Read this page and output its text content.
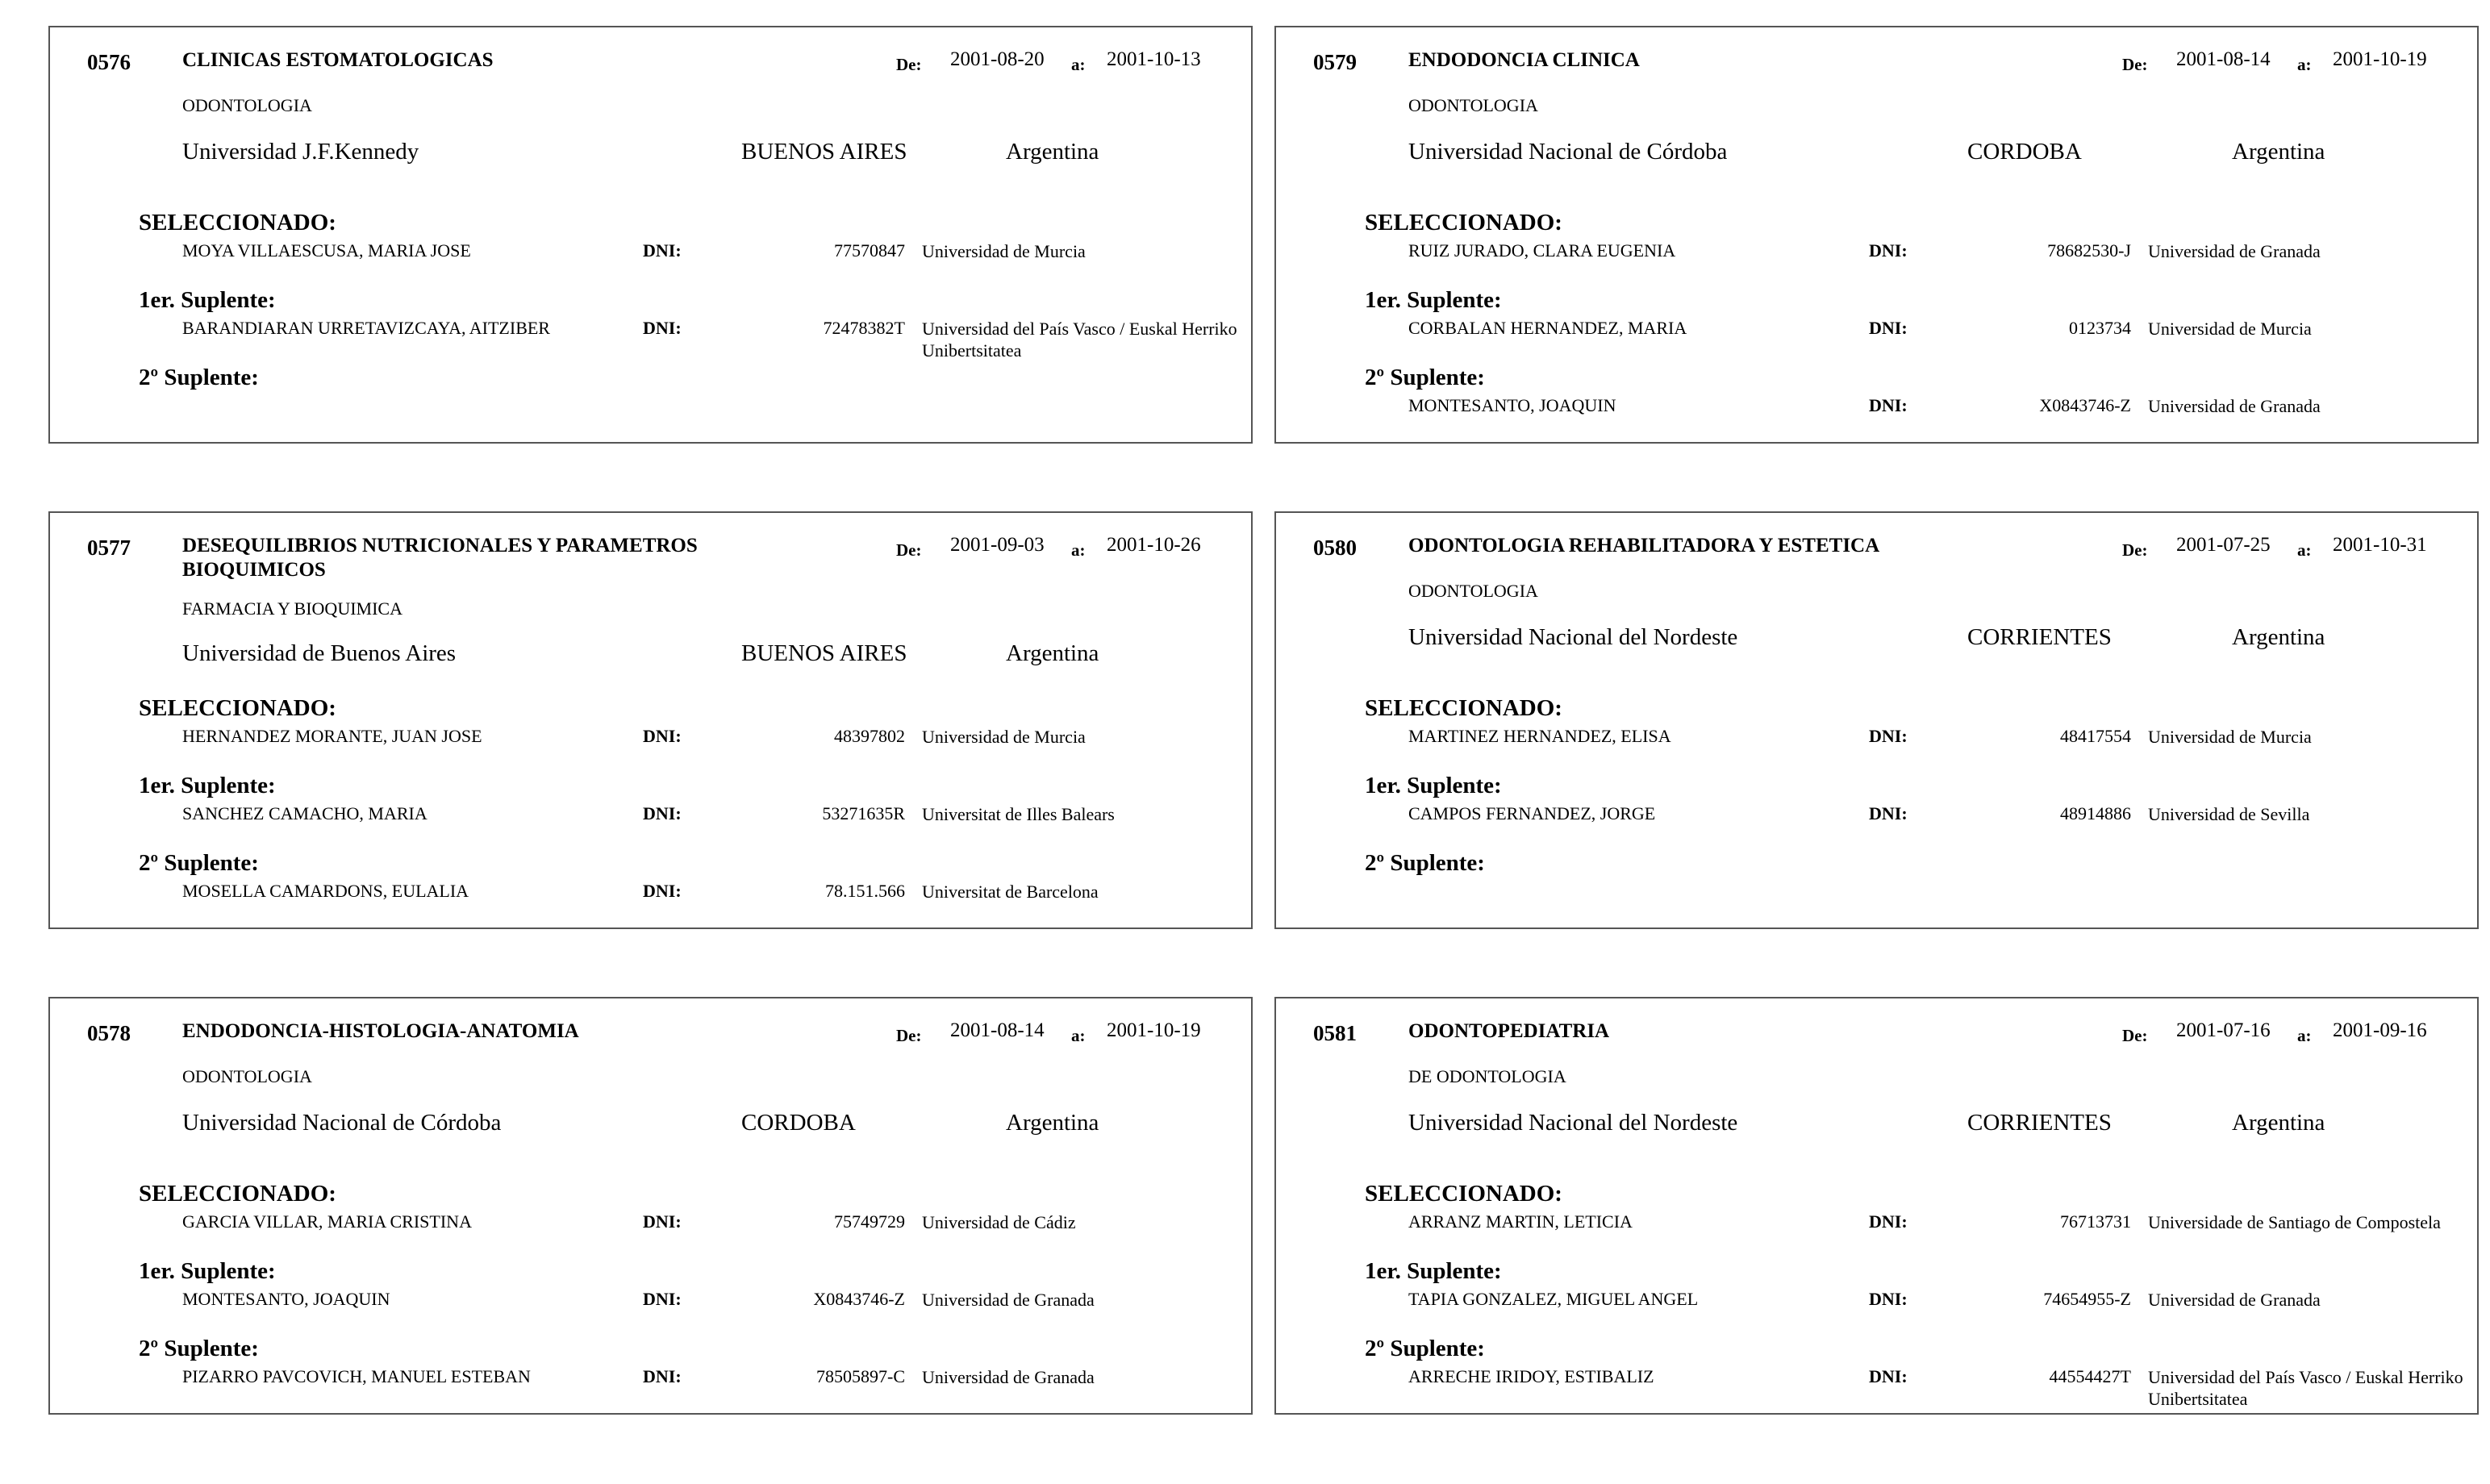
0576	CLINICAS ESTOMATOLOGICAS	De: 2001-08-20 a: 2001-10-13
ODONTOLOGIA
Universidad J.F.Kennedy	BUENOS AIRES	Argentina
SELECCIONADO:
MOYA VILLAESCUSA, MARIA JOSE	DNI:	77570847 Universidad de Murcia
1er. Suplente:
BARANDIARAN URRETAVIZCAYA, AITZIBER	DNI:	72478382T Universidad del País Vasco / Euskal Herriko Unibertsitatea
2º Suplente:
0577	DESEQUILIBRIOS NUTRICIONALES Y PARAMETROS BIOQUIMICOS
De: 2001-09-03 a: 2001-10-26
FARMACIA Y BIOQUIMICA
Universidad de Buenos Aires	BUENOS AIRES	Argentina
SELECCIONADO:
HERNANDEZ MORANTE, JUAN JOSE	DNI:	48397802 Universidad de Murcia
1er. Suplente:
SANCHEZ CAMACHO, MARIA	DNI:	53271635R Universitat de Illes Balears
2º Suplente:
MOSELLA CAMARDONS, EULALIA	DNI:	78.151.566 Universitat de Barcelona
0578	ENDODONCIA-HISTOLOGIA-ANATOMIA	De: 2001-08-14 a: 2001-10-19
ODONTOLOGIA
Universidad Nacional de Córdoba	CORDOBA	Argentina
SELECCIONADO:
GARCIA VILLAR, MARIA CRISTINA	DNI:	75749729 Universidad de Cádiz
1er. Suplente:
MONTESANTO, JOAQUIN	DNI:	X0843746-Z Universidad de Granada
2º Suplente:
PIZARRO PAVCOVICH, MANUEL ESTEBAN	DNI:	78505897-C Universidad de Granada
0579	ENDODONCIA CLINICA	De: 2001-08-14 a: 2001-10-19
ODONTOLOGIA
Universidad Nacional de Córdoba	CORDOBA	Argentina
SELECCIONADO:
RUIZ JURADO, CLARA EUGENIA	DNI:	78682530-J Universidad de Granada
1er. Suplente:
CORBALAN HERNANDEZ, MARIA	DNI:	0123734 Universidad de Murcia
2º Suplente:
MONTESANTO, JOAQUIN	DNI:	X0843746-Z Universidad de Granada
0580	ODONTOLOGIA REHABILITADORA Y ESTETICA	De: 2001-07-25 a: 2001-10-31
ODONTOLOGIA
Universidad Nacional del Nordeste	CORRIENTES	Argentina
SELECCIONADO:
MARTINEZ HERNANDEZ, ELISA	DNI:	48417554 Universidad de Murcia
1er. Suplente:
CAMPOS FERNANDEZ, JORGE	DNI:	48914886 Universidad de Sevilla
2º Suplente:
0581	ODONTOPEDIATRIA	De: 2001-07-16 a: 2001-09-16
DE ODONTOLOGIA
Universidad Nacional del Nordeste	CORRIENTES	Argentina
SELECCIONADO:
ARRANZ MARTIN, LETICIA	DNI:	76713731 Universidade de Santiago de Compostela
1er. Suplente:
TAPIA GONZALEZ, MIGUEL ANGEL	DNI:	74654955-Z Universidad de Granada
2º Suplente:
ARRECHE IRIDOY, ESTIBALIZ	DNI:	44554427T Universidad del País Vasco / Euskal Herriko Unibertsitatea
